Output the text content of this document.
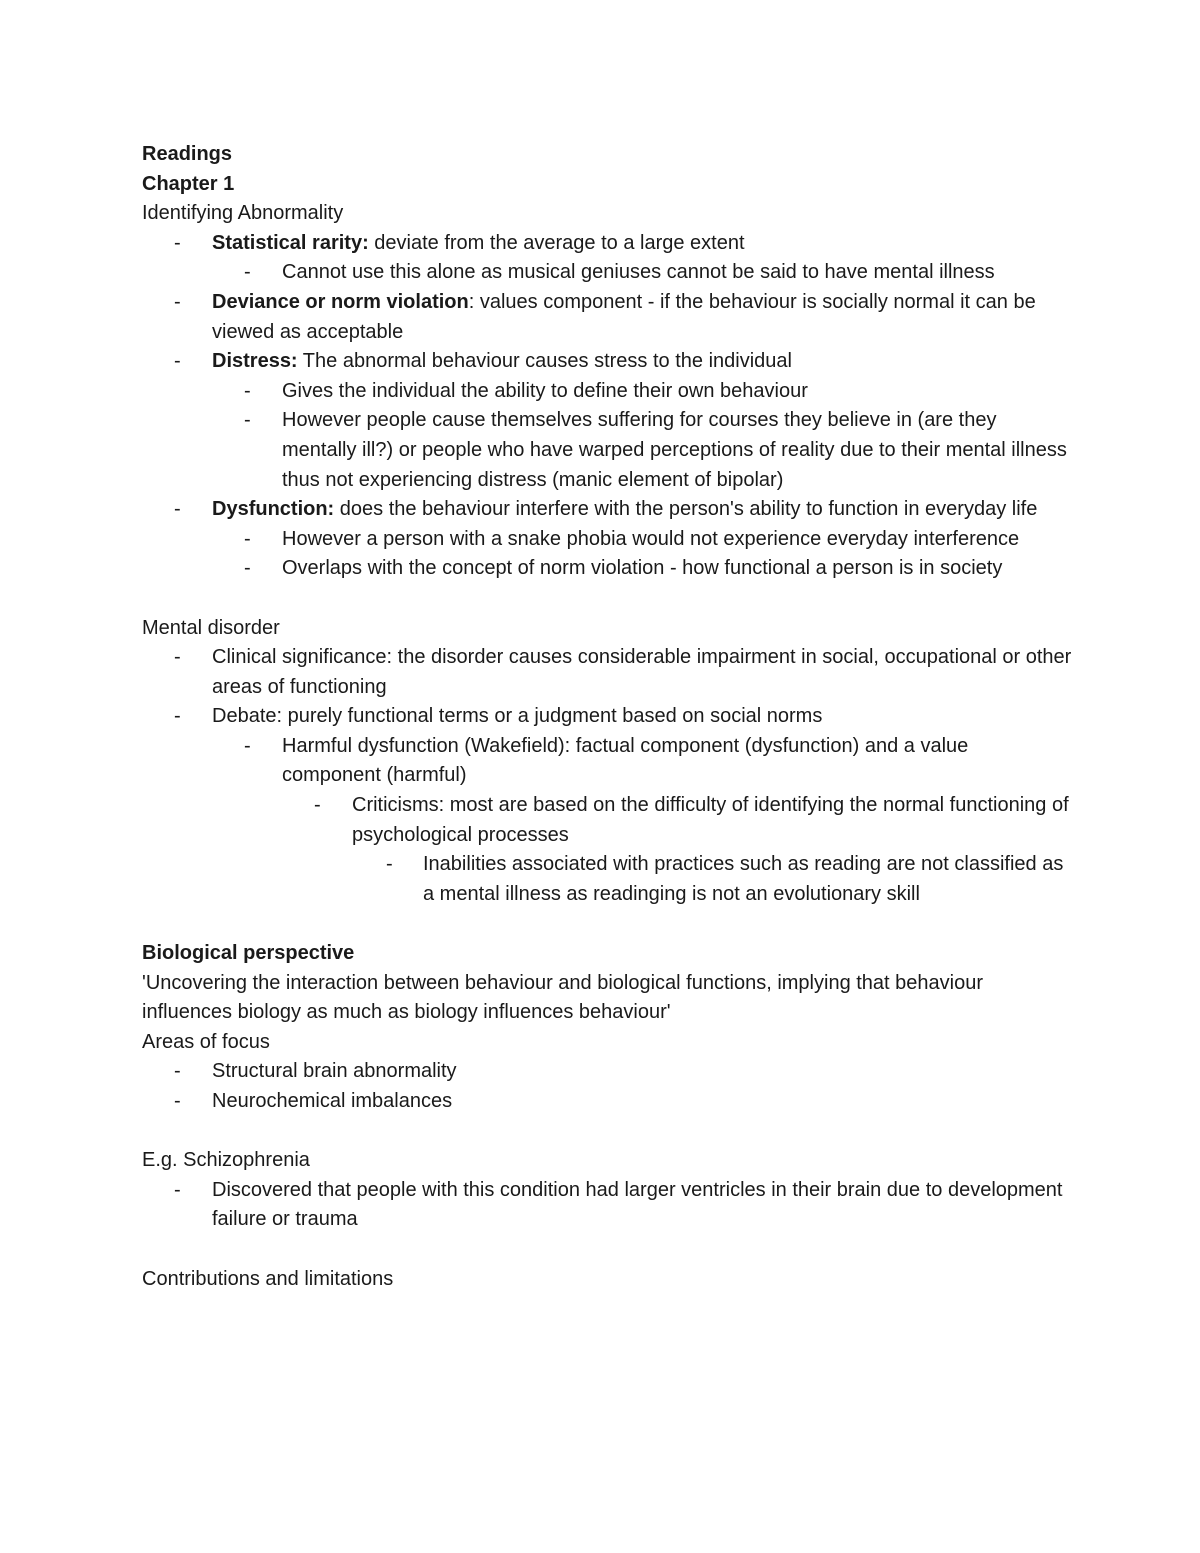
Readings

Chapter 1

Identifying Abnormality

-	Statistical rarity: deviate from the average to a large extent
-	Cannot use this alone as musical geniuses cannot be said to have mental illness
-	Deviance or norm violation: values component - if the behaviour is socially normal it can be viewed as acceptable
-	Distress: The abnormal behaviour causes stress to the individual
-	Gives the individual the ability to define their own behaviour
-	However people cause themselves suffering for courses they believe in (are they mentally ill?) or people who have warped perceptions of reality due to their mental illness thus not experiencing distress (manic element of bipolar)
-	Dysfunction: does the behaviour interfere with the person's ability to function in everyday life
-	However a person with a snake phobia would not experience everyday interference
-	Overlaps with the concept of norm violation - how functional a person is in society

Mental disorder

-	Clinical significance: the disorder causes considerable impairment in social, occupational or other areas of functioning
-	Debate: purely functional terms or a judgment based on social norms
-	Harmful dysfunction (Wakefield): factual component (dysfunction) and a value component (harmful)
-	Criticisms: most are based on the difficulty of identifying the normal functioning of psychological processes
-	Inabilities associated with practices such as reading are not classified as a mental illness as readinging is not an evolutionary skill

Biological perspective

'Uncovering the interaction between behaviour and biological functions, implying that behaviour influences biology as much as biology influences behaviour'

Areas of focus

-	Structural brain abnormality
-	Neurochemical imbalances

E.g. Schizophrenia

-	Discovered that people with this condition had larger ventricles in their brain due to development failure or trauma

Contributions and limitations
